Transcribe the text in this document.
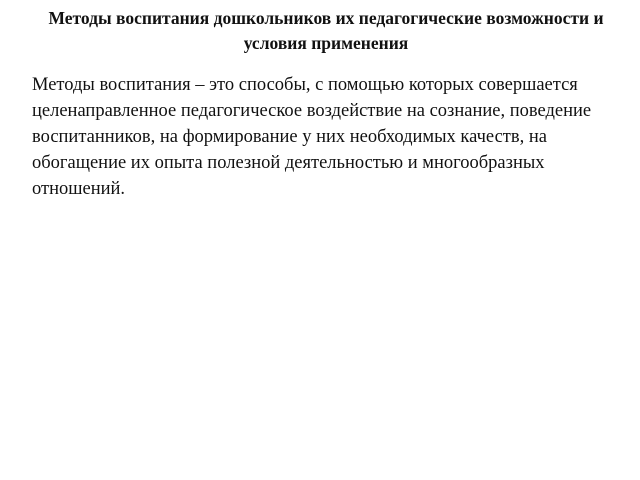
Методы воспитания дошкольников их педагогические возможности и условия применения

Методы воспитания – это способы, с помощью которых совершается целенаправленное педагогическое воздействие на сознание, поведение воспитанников, на формирование у них необходимых качеств, на обогащение их опыта полезной деятельностью и многообразных отношений.
